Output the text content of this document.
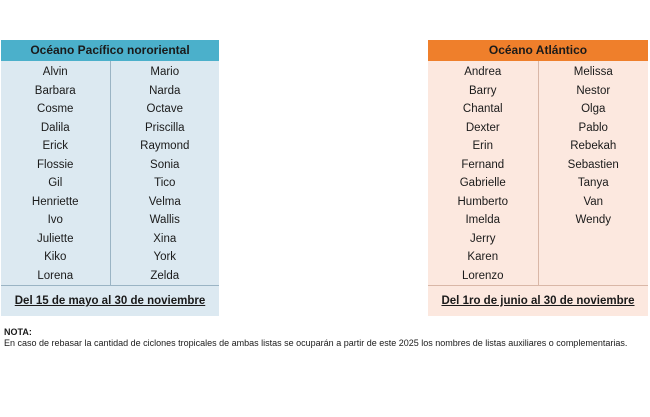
Océano Pacífico nororiental
Alvin
Barbara
Cosme
Dalila
Erick
Flossie
Gil
Henriette
Ivo
Juliette
Kiko
Lorena
Mario
Narda
Octave
Priscilla
Raymond
Sonia
Tico
Velma
Wallis
Xina
York
Zelda
Del 15 de mayo al 30 de noviembre
Océano Atlántico
Andrea
Barry
Chantal
Dexter
Erin
Fernand
Gabrielle
Humberto
Imelda
Jerry
Karen
Lorenzo
Melissa
Nestor
Olga
Pablo
Rebekah
Sebastien
Tanya
Van
Wendy
Del 1ro de junio al 30 de noviembre
NOTA:
En caso de rebasar la cantidad de ciclones tropicales de ambas listas se ocuparán a partir de este 2025 los nombres de listas auxiliares o complementarias.
